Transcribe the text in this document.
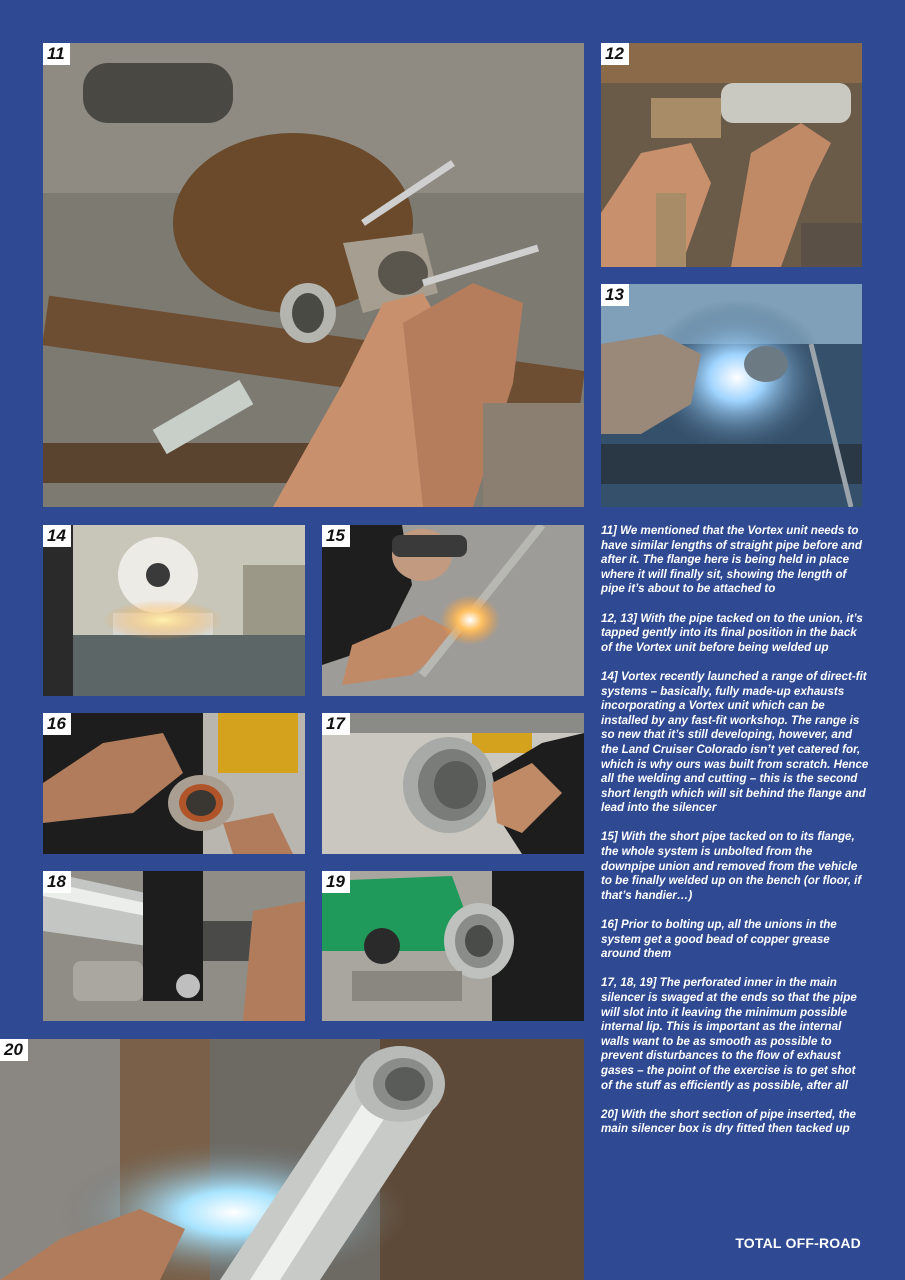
11	12
13
14	15
16	17
18	19
20

11] We mentioned that the Vortex unit needs to have similar lengths of straight pipe before and after it. The flange here is being held in place where it will finally sit, showing the length of pipe it’s about to be attached to

12, 13] With the pipe tacked on to the union, it’s tapped gently into its final position in the back of the Vortex unit before being welded up

14] Vortex recently launched a range of direct-fit systems – basically, fully made-up exhausts incorporating a Vortex unit which can be installed by any fast-fit workshop. The range is so new that it’s still developing, however, and the Land Cruiser Colorado isn’t yet catered for, which is why ours was built from scratch. Hence all the welding and cutting – this is the second short length which will sit behind the flange and lead into the silencer

15] With the short pipe tacked on to its flange, the whole system is unbolted from the downpipe union and removed from the vehicle to be finally welded up on the bench (or floor, if that’s handier…)

16] Prior to bolting up, all the unions in the system get a good bead of copper grease around them

17, 18, 19] The perforated inner in the main silencer is swaged at the ends so that the pipe will slot into it leaving the minimum possible internal lip. This is important as the internal walls want to be as smooth as possible to prevent disturbances to the flow of exhaust gases – the point of the exercise is to get shot of the stuff as efficiently as possible, after all

20] With the short section of pipe inserted, the main silencer box is dry fitted then tacked up

TOTAL OFF-ROAD
